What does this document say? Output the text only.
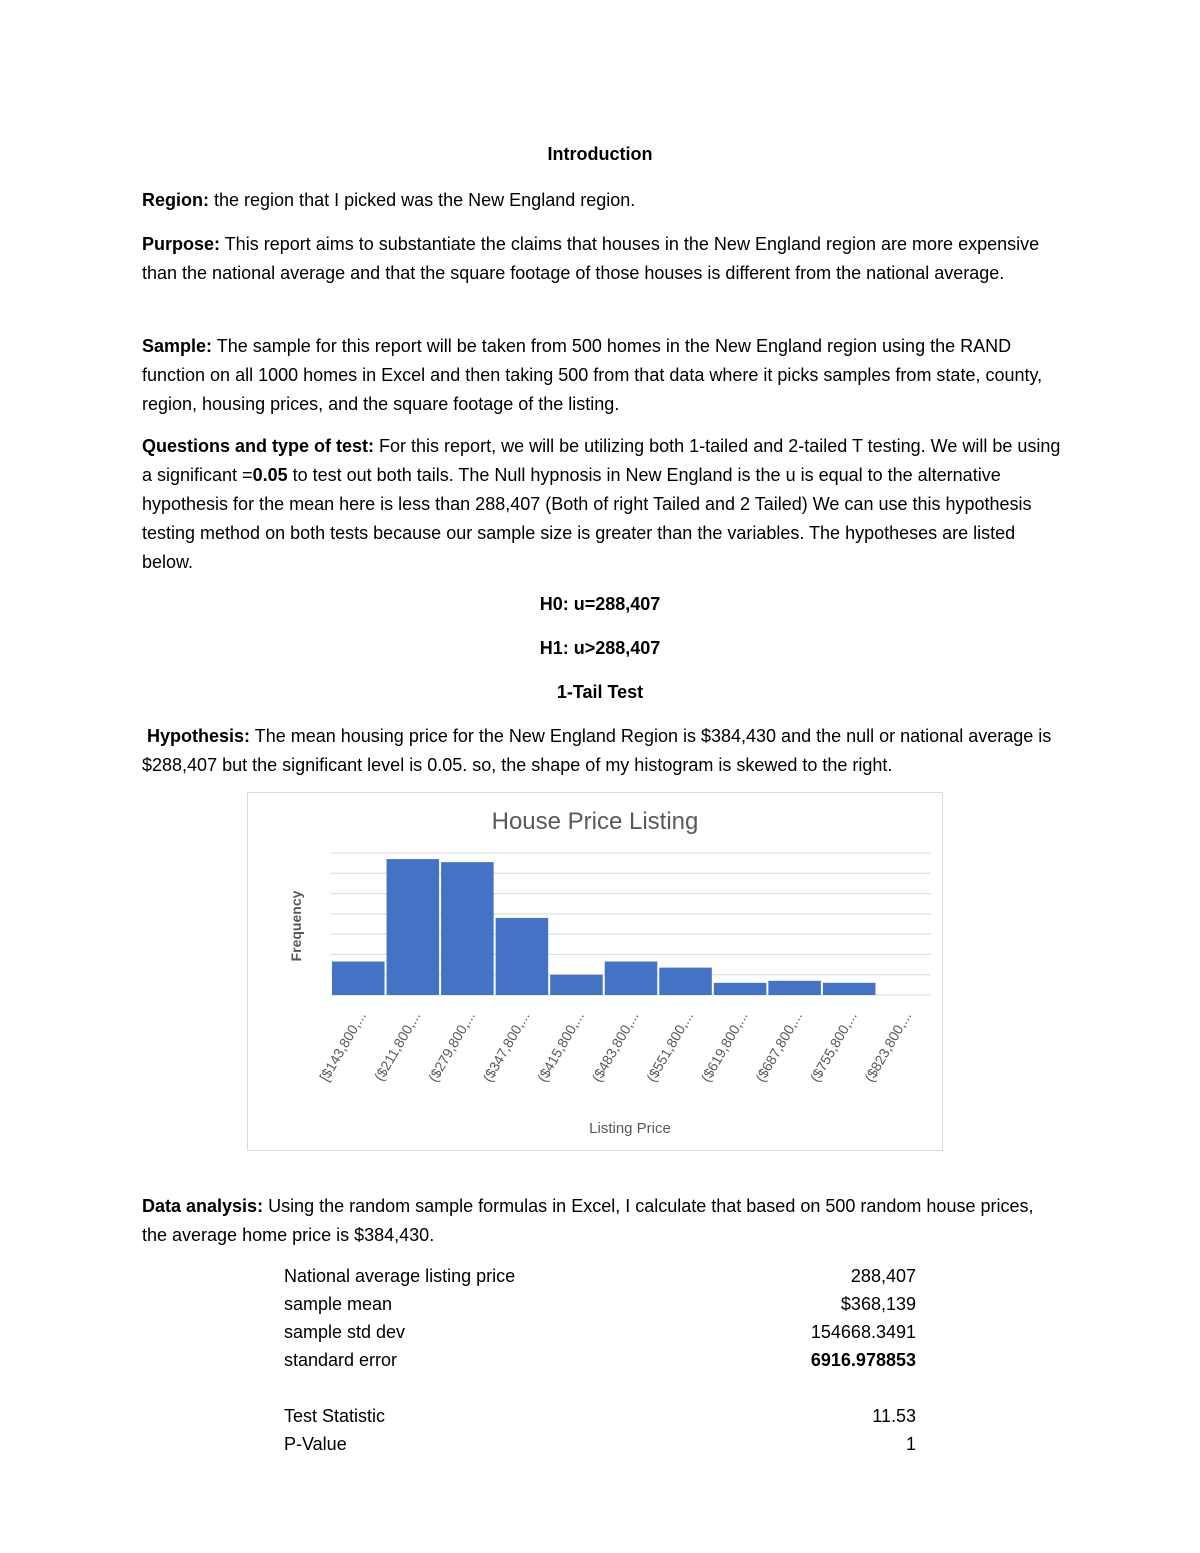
Introduction
Region: the region that I picked was the New England region.
Purpose: This report aims to substantiate the claims that houses in the New England region are more expensive than the national average and that the square footage of those houses is different from the national average.
Sample: The sample for this report will be taken from 500 homes in the New England region using the RAND function on all 1000 homes in Excel and then taking 500 from that data where it picks samples from state, county, region, housing prices, and the square footage of the listing.
Questions and type of test: For this report, we will be utilizing both 1-tailed and 2-tailed T testing. We will be using a significant =0.05 to test out both tails. The Null hypnosis in New England is the u is equal to the alternative hypothesis for the mean here is less than 288,407 (Both of right Tailed and 2 Tailed) We can use this hypothesis testing method on both tests because our sample size is greater than the variables. The hypotheses are listed below.
H0: u=288,407
H1: u>288,407
1-Tail Test
Hypothesis: The mean housing price for the New England Region is $384,430 and the null or national average is $288,407 but the significant level is 0.05. so, the shape of my histogram is skewed to the right.
[$143,800,... ($211,800,... ($279,800,... ($347,800,... ($415,800,... ($483,800,... ($551,800,... ($619,800,... ($687,800,... ($755,800,... ($823,800,...
House Price Listing
Frequency
Listing Price
Data analysis: Using the random sample formulas in Excel, I calculate that based on 500 random house prices, the average home price is $384,430.
National average listing price	288,407
sample mean	$368,139
sample std dev	154668.3491
standard error	6916.978853
Test Statistic	11.53
P-Value	1
